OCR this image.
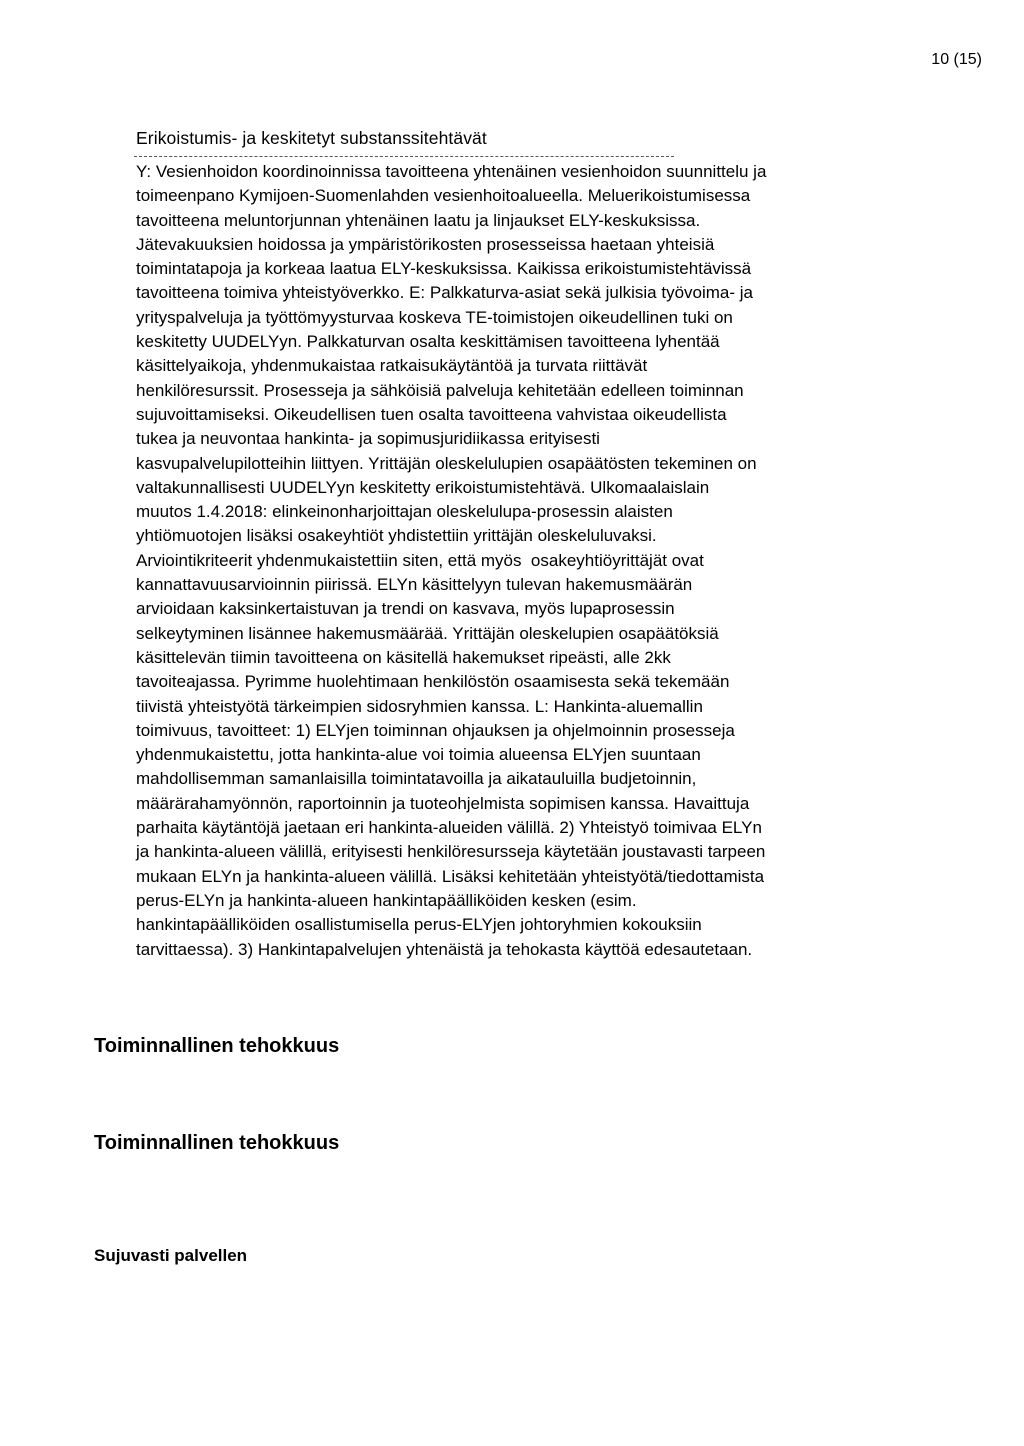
10 (15)
Erikoistumis- ja keskitetyt substanssitehtävät
Y: Vesienhoidon koordinoinnissa tavoitteena yhtenäinen vesienhoidon suunnittelu ja
toimeenpano Kymijoen-Suomenlahden vesienhoitoalueella. Meluerikoistumisessa
tavoitteena meluntorjunnan yhtenäinen laatu ja linjaukset ELY-keskuksissa.
Jätevakuuksien hoidossa ja ympäristörikosten prosesseissa haetaan yhteisiä
toimintatapoja ja korkeaa laatua ELY-keskuksissa. Kaikissa erikoistumistehtävissä
tavoitteena toimiva yhteistyöverkko. E: Palkkaturva-asiat sekä julkisia työvoima- ja
yrityspalveluja ja työttömyysturvaa koskeva TE-toimistojen oikeudellinen tuki on
keskitetty UUDELYyn. Palkkaturvan osalta keskittämisen tavoitteena lyhentää
käsittelyaikoja, yhdenmukaistaa ratkaisukäytäntöä ja turvata riittävät
henkilöresurssit. Prosesseja ja sähköisiä palveluja kehitetään edelleen toiminnan
sujuvoittamiseksi. Oikeudellisen tuen osalta tavoitteena vahvistaa oikeudellista
tukea ja neuvontaa hankinta- ja sopimusjuridiikassa erityisesti
kasvupalvelupilotteihin liittyen. Yrittäjän oleskelulupien osapäätösten tekeminen on
valtakunnallisesti UUDELYyn keskitetty erikoistumistehtävä. Ulkomaalaislain
muutos 1.4.2018: elinkeinonharjoittajan oleskelulupa-prosessin alaisten
yhtiömuotojen lisäksi osakeyhtiöt yhdistettiin yrittäjän oleskeluluvaksi.
Arviointikriteerit yhdenmukaistettiin siten, että myös  osakeyhtiöyrittäjät ovat
kannattavuusarvioinnin piirissä. ELYn käsittelyyn tulevan hakemusmäärän
arvioidaan kaksinkertaistuvan ja trendi on kasvava, myös lupaprosessin
selkeytyminen lisännee hakemusmäärää. Yrittäjän oleskelupien osapäätöksiä
käsittelevän tiimin tavoitteena on käsitellä hakemukset ripeästi, alle 2kk
tavoiteajassa. Pyrimme huolehtimaan henkilöstön osaamisesta sekä tekemään
tiivistä yhteistyötä tärkeimpien sidosryhmien kanssa. L: Hankinta-aluemallin
toimivuus, tavoitteet: 1) ELYjen toiminnan ohjauksen ja ohjelmoinnin prosesseja
yhdenmukaistettu, jotta hankinta-alue voi toimia alueensa ELYjen suuntaan
mahdollisemman samanlaisilla toimintatavoilla ja aikatauluilla budjetoinnin,
määrärahamyönnön, raportoinnin ja tuoteohjelmista sopimisen kanssa. Havaittuja
parhaita käytäntöjä jaetaan eri hankinta-alueiden välillä. 2) Yhteistyö toimivaa ELYn
ja hankinta-alueen välillä, erityisesti henkilöresursseja käytetään joustavasti tarpeen
mukaan ELYn ja hankinta-alueen välillä. Lisäksi kehitetään yhteistyötä/tiedottamista
perus-ELYn ja hankinta-alueen hankintapäälliköiden kesken (esim.
hankintapäälliköiden osallistumisella perus-ELYjen johtoryhmien kokouksiin
tarvittaessa). 3) Hankintapalvelujen yhtenäistä ja tehokasta käyttöä edesautetaan.
Toiminnallinen tehokkuus
Toiminnallinen tehokkuus
Sujuvasti palvellen
